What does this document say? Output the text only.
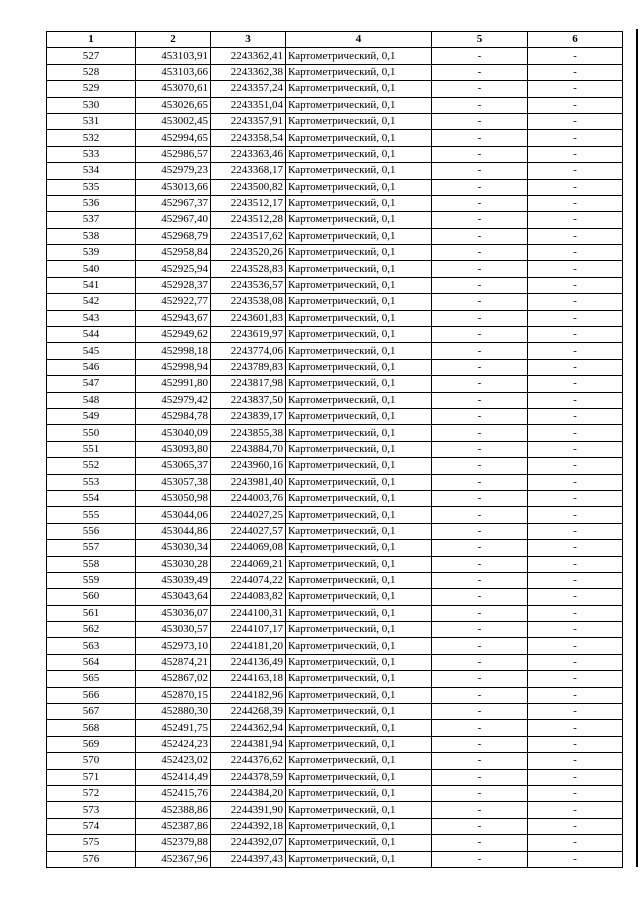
1	2	3	4	5	6
527	453103,91	2243362,41	Картометрический, 0,1	-	-
528	453103,66	2243362,38	Картометрический, 0,1	-	-
529	453070,61	2243357,24	Картометрический, 0,1	-	-
530	453026,65	2243351,04	Картометрический, 0,1	-	-
531	453002,45	2243357,91	Картометрический, 0,1	-	-
532	452994,65	2243358,54	Картометрический, 0,1	-	-
533	452986,57	2243363,46	Картометрический, 0,1	-	-
534	452979,23	2243368,17	Картометрический, 0,1	-	-
535	453013,66	2243500,82	Картометрический, 0,1	-	-
536	452967,37	2243512,17	Картометрический, 0,1	-	-
537	452967,40	2243512,28	Картометрический, 0,1	-	-
538	452968,79	2243517,62	Картометрический, 0,1	-	-
539	452958,84	2243520,26	Картометрический, 0,1	-	-
540	452925,94	2243528,83	Картометрический, 0,1	-	-
541	452928,37	2243536,57	Картометрический, 0,1	-	-
542	452922,77	2243538,08	Картометрический, 0,1	-	-
543	452943,67	2243601,83	Картометрический, 0,1	-	-
544	452949,62	2243619,97	Картометрический, 0,1	-	-
545	452998,18	2243774,06	Картометрический, 0,1	-	-
546	452998,94	2243789,83	Картометрический, 0,1	-	-
547	452991,80	2243817,98	Картометрический, 0,1	-	-
548	452979,42	2243837,50	Картометрический, 0,1	-	-
549	452984,78	2243839,17	Картометрический, 0,1	-	-
550	453040,09	2243855,38	Картометрический, 0,1	-	-
551	453093,80	2243884,70	Картометрический, 0,1	-	-
552	453065,37	2243960,16	Картометрический, 0,1	-	-
553	453057,38	2243981,40	Картометрический, 0,1	-	-
554	453050,98	2244003,76	Картометрический, 0,1	-	-
555	453044,06	2244027,25	Картометрический, 0,1	-	-
556	453044,86	2244027,57	Картометрический, 0,1	-	-
557	453030,34	2244069,08	Картометрический, 0,1	-	-
558	453030,28	2244069,21	Картометрический, 0,1	-	-
559	453039,49	2244074,22	Картометрический, 0,1	-	-
560	453043,64	2244083,82	Картометрический, 0,1	-	-
561	453036,07	2244100,31	Картометрический, 0,1	-	-
562	453030,57	2244107,17	Картометрический, 0,1	-	-
563	452973,10	2244181,20	Картометрический, 0,1	-	-
564	452874,21	2244136,49	Картометрический, 0,1	-	-
565	452867,02	2244163,18	Картометрический, 0,1	-	-
566	452870,15	2244182,96	Картометрический, 0,1	-	-
567	452880,30	2244268,39	Картометрический, 0,1	-	-
568	452491,75	2244362,94	Картометрический, 0,1	-	-
569	452424,23	2244381,94	Картометрический, 0,1	-	-
570	452423,02	2244376,62	Картометрический, 0,1	-	-
571	452414,49	2244378,59	Картометрический, 0,1	-	-
572	452415,76	2244384,20	Картометрический, 0,1	-	-
573	452388,86	2244391,90	Картометрический, 0,1	-	-
574	452387,86	2244392,18	Картометрический, 0,1	-	-
575	452379,88	2244392,07	Картометрический, 0,1	-	-
576	452367,96	2244397,43	Картометрический, 0,1	-	-
